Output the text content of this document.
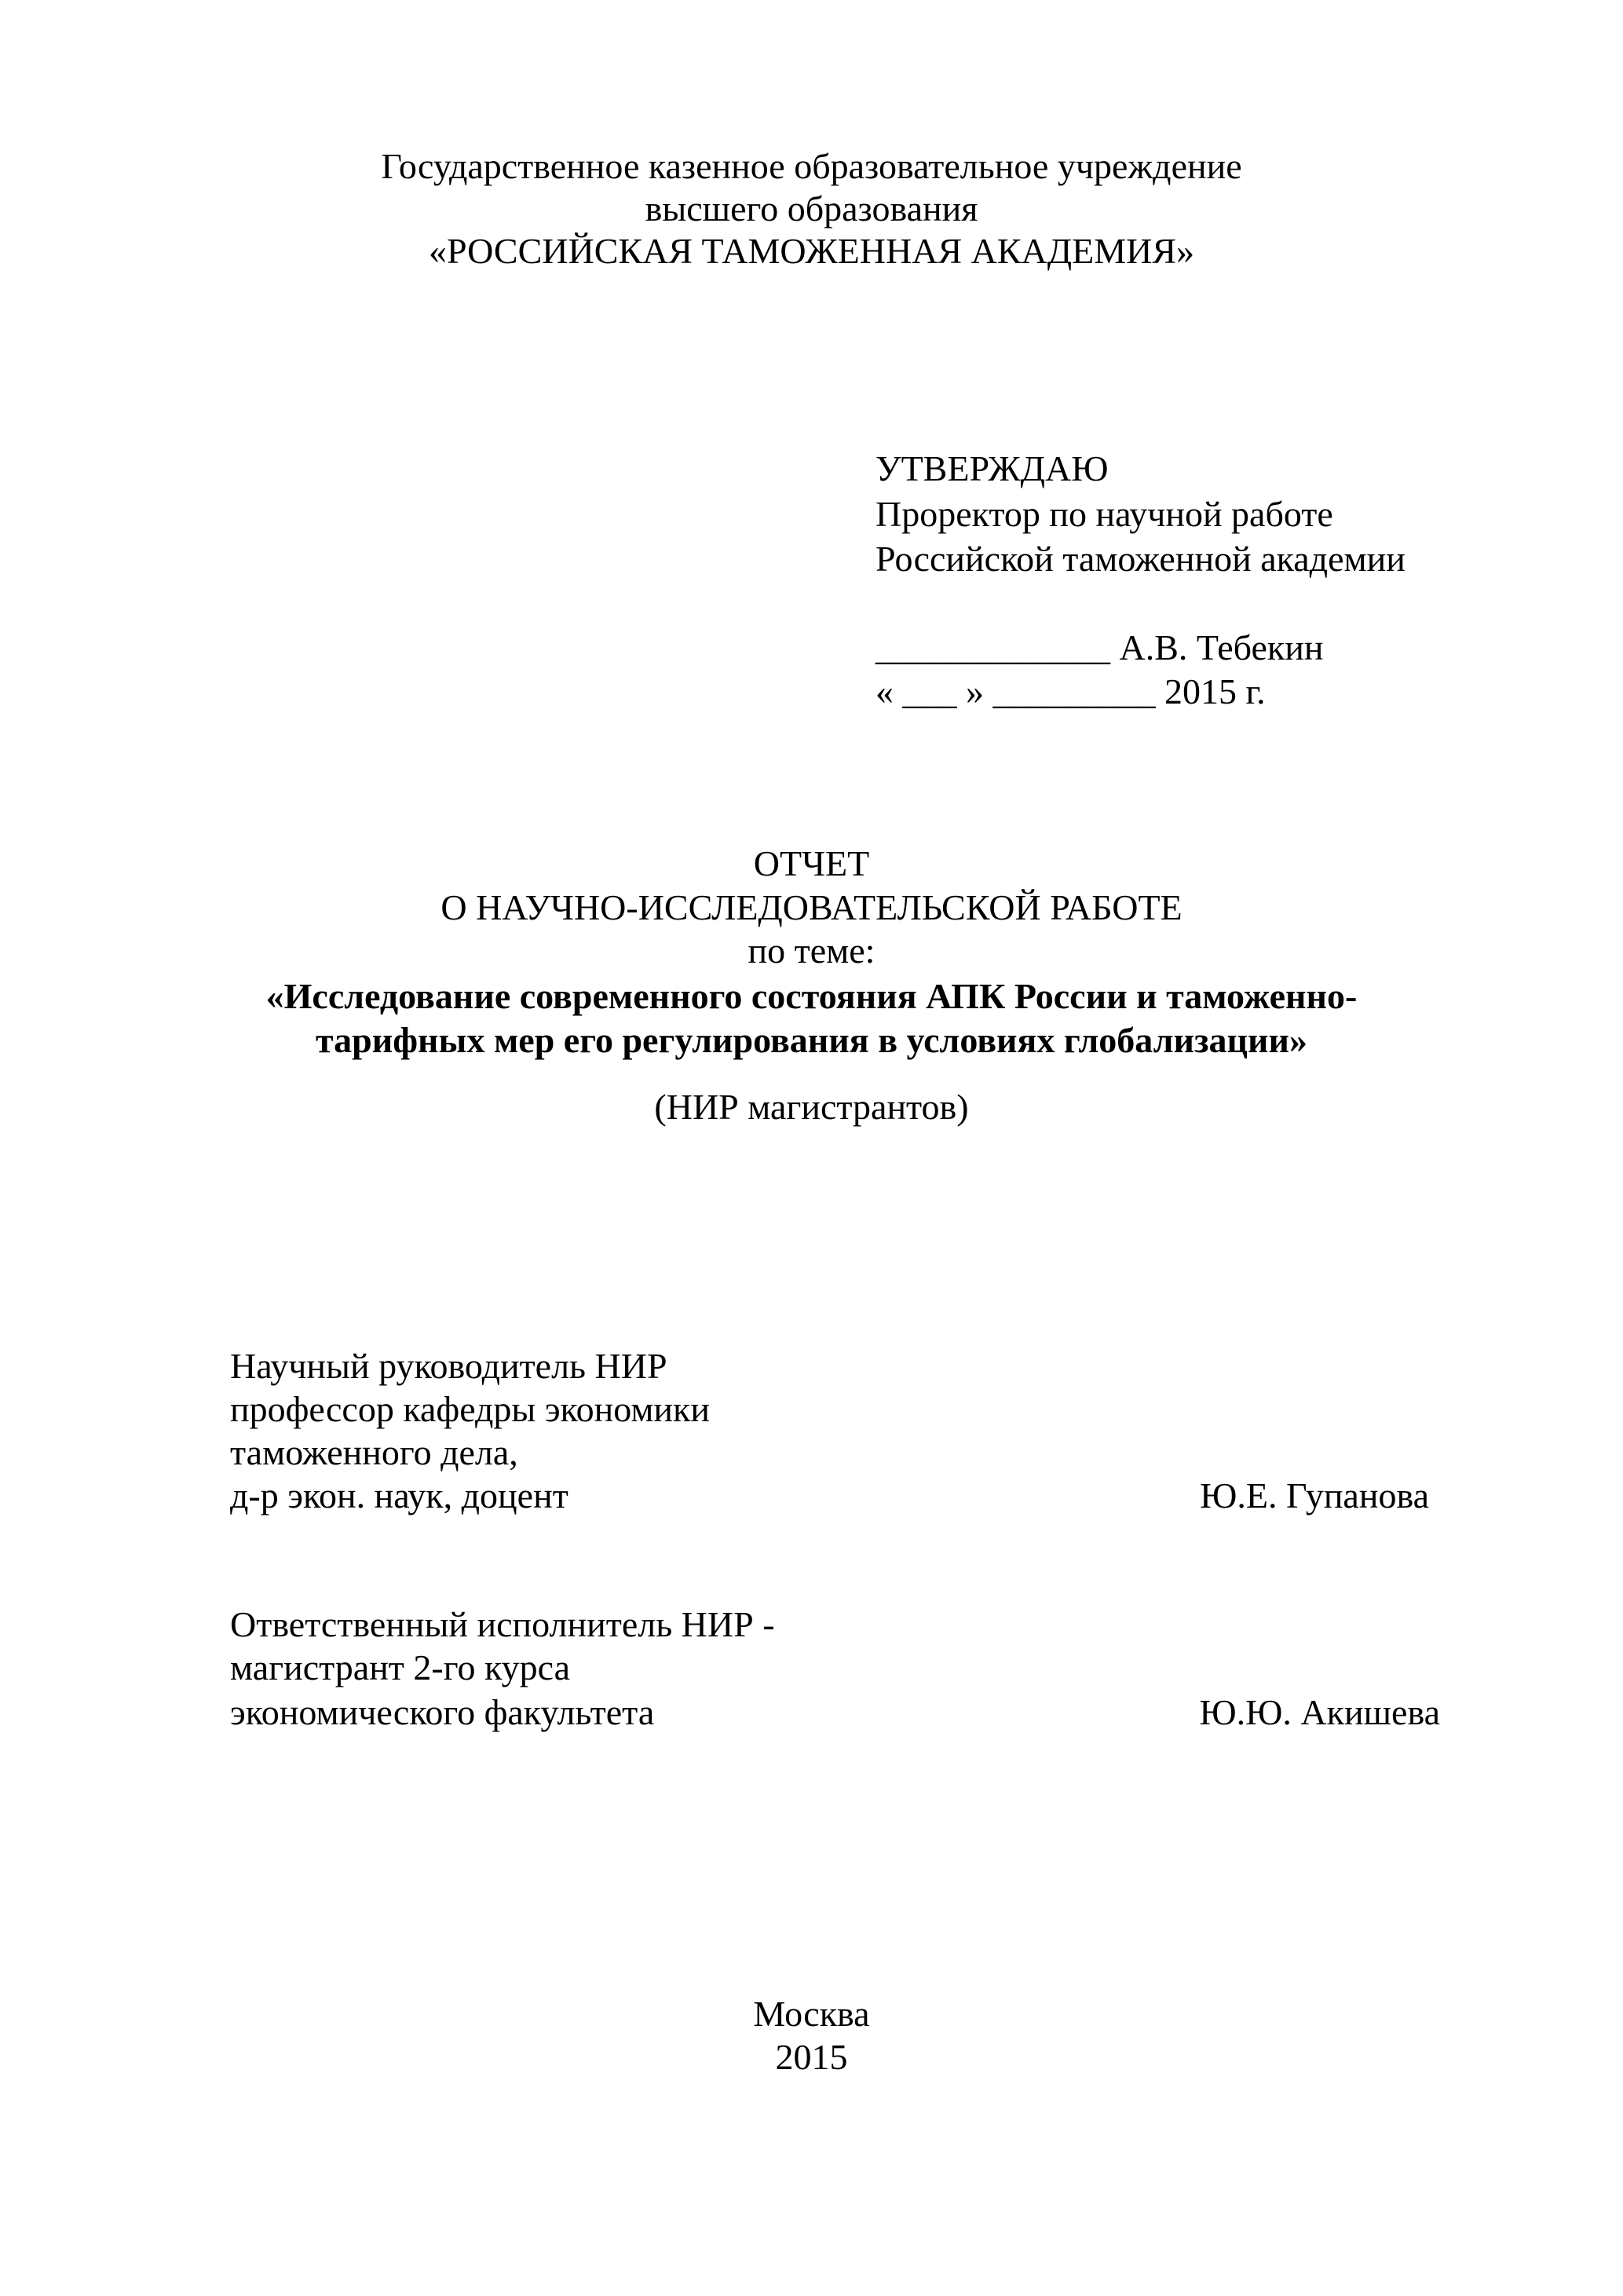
Государственное казенное образовательное учреждение
высшего образования
«РОССИЙСКАЯ ТАМОЖЕННАЯ АКАДЕМИЯ»
УТВЕРЖДАЮ
Проректор по научной работе
Российской таможенной академии
_____________ А.В. Тебекин
« ___ » _________ 2015 г.
ОТЧЕТ
О НАУЧНО-ИССЛЕДОВАТЕЛЬСКОЙ РАБОТЕ
по теме:
«Исследование современного состояния АПК России и таможенно-
тарифных мер его регулирования в условиях глобализации»
(НИР магистрантов)
Научный руководитель НИР
профессор кафедры экономики
таможенного дела,
д-р экон. наук, доцент	Ю.Е. Гупанова
Ответственный исполнитель НИР -
магистрант 2-го курса
экономического факультета	Ю.Ю. Акишева
Москва
2015
